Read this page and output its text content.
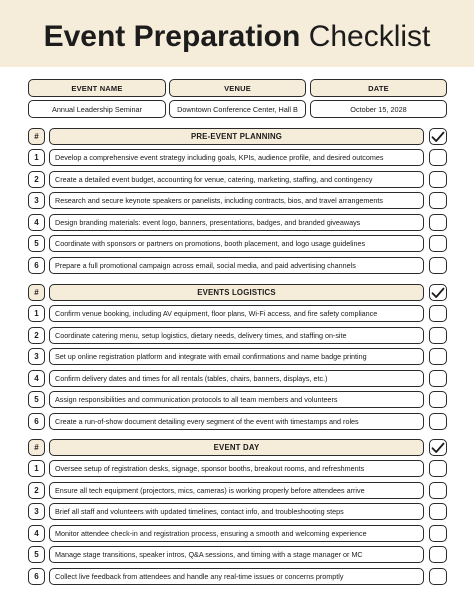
Event Preparation Checklist
EVENT NAME	VENUE	DATE
Annual Leadership Seminar	Downtown Conference Center, Hall B	October 15, 2028
#	PRE-EVENT PLANNING
1 Develop a comprehensive event strategy including goals, KPIs, audience profile, and desired outcomes
2 Create a detailed event budget, accounting for venue, catering, marketing, staffing, and contingency
3 Research and secure keynote speakers or panelists, including contracts, bios, and travel arrangements
4 Design branding materials: event logo, banners, presentations, badges, and branded giveaways
5 Coordinate with sponsors or partners on promotions, booth placement, and logo usage guidelines
6 Prepare a full promotional campaign across email, social media, and paid advertising channels
#	EVENTS LOGISTICS
1 Confirm venue booking, including AV equipment, floor plans, Wi-Fi access, and fire safety compliance
2 Coordinate catering menu, setup logistics, dietary needs, delivery times, and staffing on-site
3 Set up online registration platform and integrate with email confirmations and name badge printing
4 Confirm delivery dates and times for all rentals (tables, chairs, banners, displays, etc.)
5 Assign responsibilities and communication protocols to all team members and volunteers
6 Create a run-of-show document detailing every segment of the event with timestamps and roles
#	EVENT DAY
1 Oversee setup of registration desks, signage, sponsor booths, breakout rooms, and refreshments
2 Ensure all tech equipment (projectors, mics, cameras) is working properly before attendees arrive
3 Brief all staff and volunteers with updated timelines, contact info, and troubleshooting steps
4 Monitor attendee check-in and registration process, ensuring a smooth and welcoming experience
5 Manage stage transitions, speaker intros, Q&A sessions, and timing with a stage manager or MC
6 Collect live feedback from attendees and handle any real-time issues or concerns promptly
